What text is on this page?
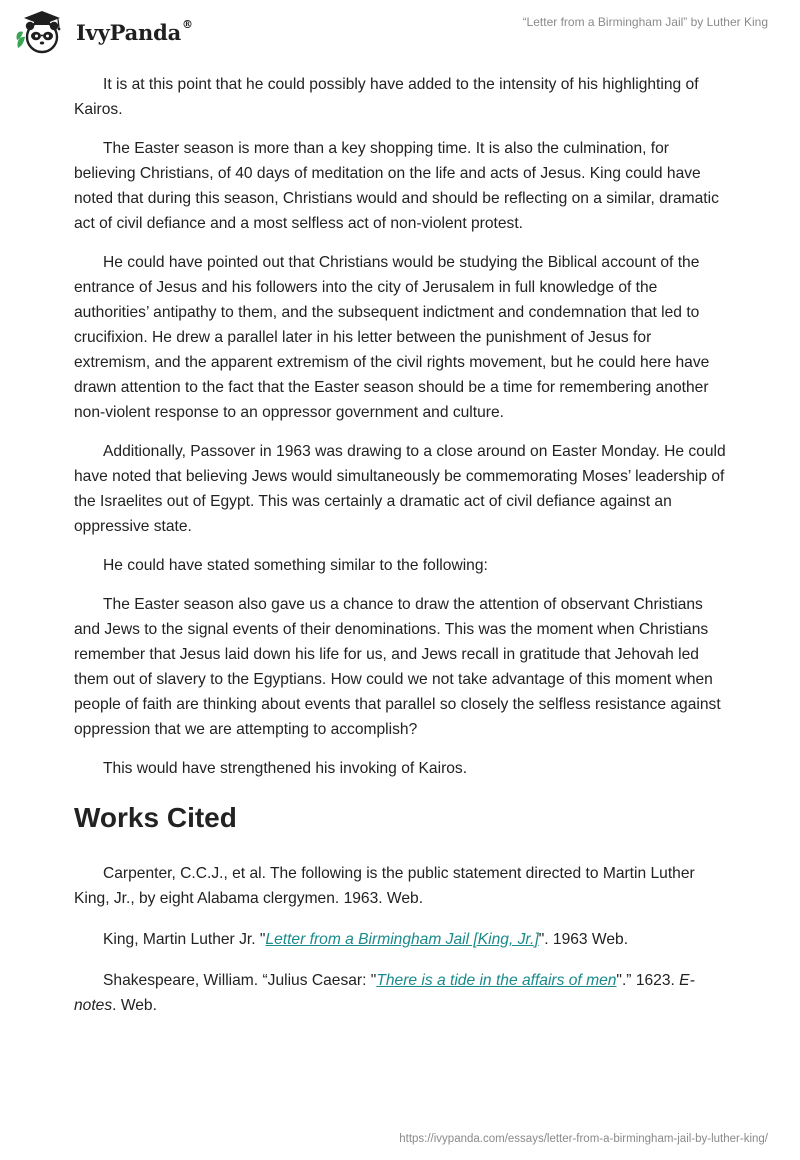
IvyPanda®	“Letter from a Birmingham Jail” by Luther King

It is at this point that he could possibly have added to the intensity of his highlighting of Kairos.

The Easter season is more than a key shopping time. It is also the culmination, for believing Christians, of 40 days of meditation on the life and acts of Jesus. King could have noted that during this season, Christians would and should be reflecting on a similar, dramatic act of civil defiance and a most selfless act of non-violent protest.

He could have pointed out that Christians would be studying the Biblical account of the entrance of Jesus and his followers into the city of Jerusalem in full knowledge of the authorities’ antipathy to them, and the subsequent indictment and condemnation that led to crucifixion. He drew a parallel later in his letter between the punishment of Jesus for extremism, and the apparent extremism of the civil rights movement, but he could here have drawn attention to the fact that the Easter season should be a time for remembering another non-violent response to an oppressor government and culture.

Additionally, Passover in 1963 was drawing to a close around on Easter Monday. He could have noted that believing Jews would simultaneously be commemorating Moses’ leadership of the Israelites out of Egypt. This was certainly a dramatic act of civil defiance against an oppressive state.

He could have stated something similar to the following:

The Easter season also gave us a chance to draw the attention of observant Christians and Jews to the signal events of their denominations. This was the moment when Christians remember that Jesus laid down his life for us, and Jews recall in gratitude that Jehovah led them out of slavery to the Egyptians. How could we not take advantage of this moment when people of faith are thinking about events that parallel so closely the selfless resistance against oppression that we are attempting to accomplish?

This would have strengthened his invoking of Kairos.

Works Cited

Carpenter, C.C.J., et al. The following is the public statement directed to Martin Luther King, Jr., by eight Alabama clergymen. 1963. Web.

King, Martin Luther Jr. "Letter from a Birmingham Jail [King, Jr.]". 1963 Web.

Shakespeare, William. “Julius Caesar: "There is a tide in the affairs of men".” 1623. E-notes. Web.

https://ivypanda.com/essays/letter-from-a-birmingham-jail-by-luther-king/
